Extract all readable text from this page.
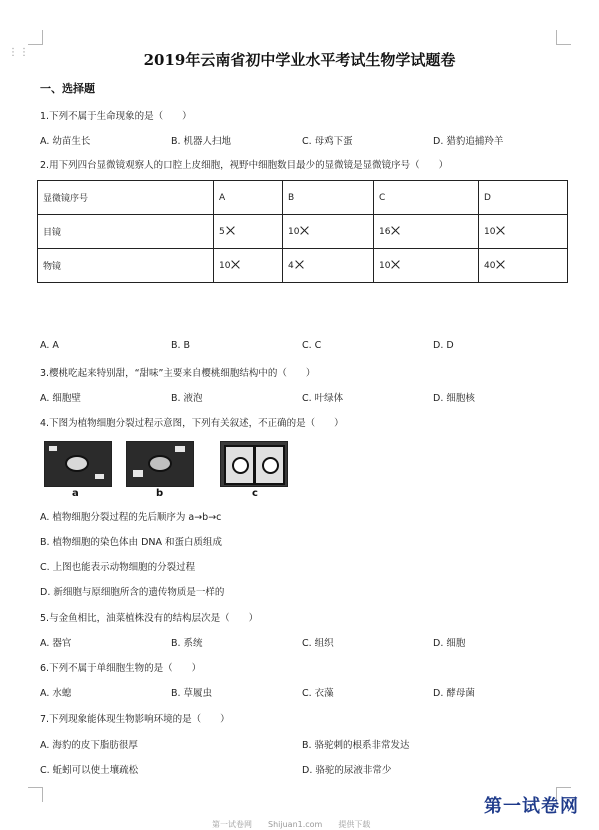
⋮⋮	2019年云南省初中学业水平考试生物学试题卷
一、选择题
1.下列不属于生命现象的是（　　）
A. 幼苗生长	B. 机器人扫地	C. 母鸡下蛋	D. 猎豹追捕羚羊
2.用下列四台显微镜观察人的口腔上皮细胞，视野中细胞数目最少的显微镜是显微镜序号（　　）
显微镜序号	A	B	C	D
目镜	5	10	16	10
物镜	10	4	10	40
A. A	B. B	C. C	D. D
3.樱桃吃起来特别甜，“甜味”主要来自樱桃细胞结构中的（　　）
A. 细胞壁	B. 液泡	C. 叶绿体	D. 细胞核
4.下图为植物细胞分裂过程示意图，下列有关叙述，不正确的是（　　）
a	b	c
A. 植物细胞分裂过程的先后顺序为 a→b→c
B. 植物细胞的染色体由 DNA 和蛋白质组成
C. 上图也能表示动物细胞的分裂过程
D. 新细胞与原细胞所含的遗传物质是一样的
5.与金鱼相比，油菜植株没有的结构层次是（　　）
A. 器官	B. 系统	C. 组织	D. 细胞
6.下列不属于单细胞生物的是（　　）
A. 水螅	B. 草履虫	C. 衣藻	D. 酵母菌
7.下列现象能体现生物影响环境的是（　　）
A. 海豹的皮下脂肪很厚	B. 骆驼刺的根系非常发达
C. 蚯蚓可以使土壤疏松	D. 骆驼的尿液非常少
第一试卷网　　Shijuan1.com　　提供下载
第一试卷网
